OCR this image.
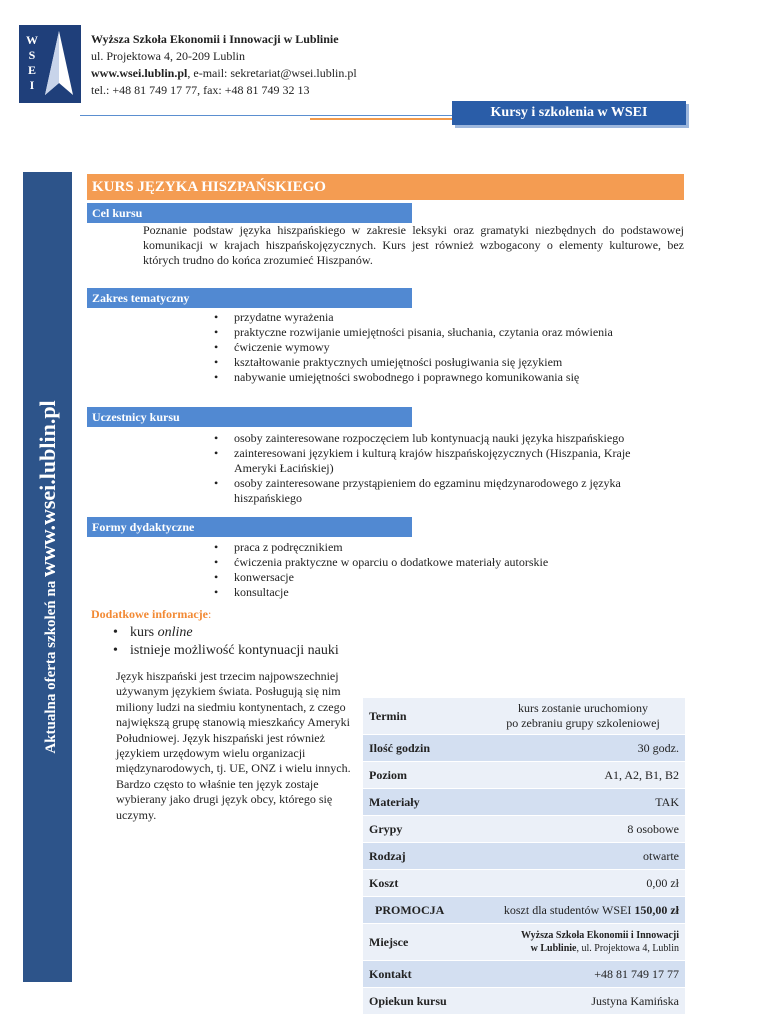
W
S
E
I
Wyższa Szkoła Ekonomii i Innowacji w Lublinie
ul. Projektowa 4, 20-209 Lublin
www.wsei.lublin.pl, e-mail: sekretariat@wsei.lublin.pl
tel.: +48 81 749 17 77, fax: +48 81 749 32 13
Kursy i szkolenia w WSEI
Aktualna oferta szkoleń na www.wsei.lublin.pl
KURS JĘZYKA HISZPAŃSKIEGO
Cel kursu
Poznanie podstaw języka hiszpańskiego w zakresie leksyki oraz gramatyki niezbędnych do podstawowej komunikacji w krajach hiszpańskojęzycznych. Kurs jest również wzbogacony o elementy kulturowe, bez których trudno do końca zrozumieć Hiszpanów.
Zakres tematyczny
• przydatne wyrażenia
• praktyczne rozwijanie umiejętności pisania, słuchania, czytania oraz mówienia
• ćwiczenie wymowy
• kształtowanie praktycznych umiejętności posługiwania się językiem
• nabywanie umiejętności swobodnego i poprawnego komunikowania się
Uczestnicy kursu
• osoby zainteresowane rozpoczęciem lub kontynuacją nauki języka hiszpańskiego
• zainteresowani językiem i kulturą krajów hiszpańskojęzycznych (Hiszpania, Kraje Ameryki Łacińskiej)
• osoby zainteresowane przystąpieniem do egzaminu międzynarodowego z języka hiszpańskiego
Formy dydaktyczne
• praca z podręcznikiem
• ćwiczenia praktyczne w oparciu o dodatkowe materiały autorskie
• konwersacje
• konsultacje
Dodatkowe informacje:
• kurs online
• istnieje możliwość kontynuacji nauki
Język hiszpański jest trzecim najpowszechniej używanym językiem świata. Posługują się nim miliony ludzi na siedmiu kontynentach, z czego największą grupę stanowią mieszkańcy Ameryki Południowej. Język hiszpański jest również językiem urzędowym wielu organizacji międzynarodowych, tj. UE, ONZ i wielu innych. Bardzo często to właśnie ten język zostaje wybierany jako drugi język obcy, którego się uczymy.
Termin	kurs zostanie uruchomiony
po zebraniu grupy szkoleniowej

Ilość godzin	30 godz.
Poziom	A1, A2, B1, B2
Materiały	TAK
Grypy	8 osobowe
Rodzaj	otwarte
Koszt	0,00 zł
PROMOCJA	koszt dla studentów WSEI 150,00 zł
Miejsce	Wyższa Szkoła Ekonomii i Innowacji
w Lublinie, ul. Projektowa 4, Lublin

Kontakt	+48 81 749 17 77
Opiekun kursu	Justyna Kamińska
